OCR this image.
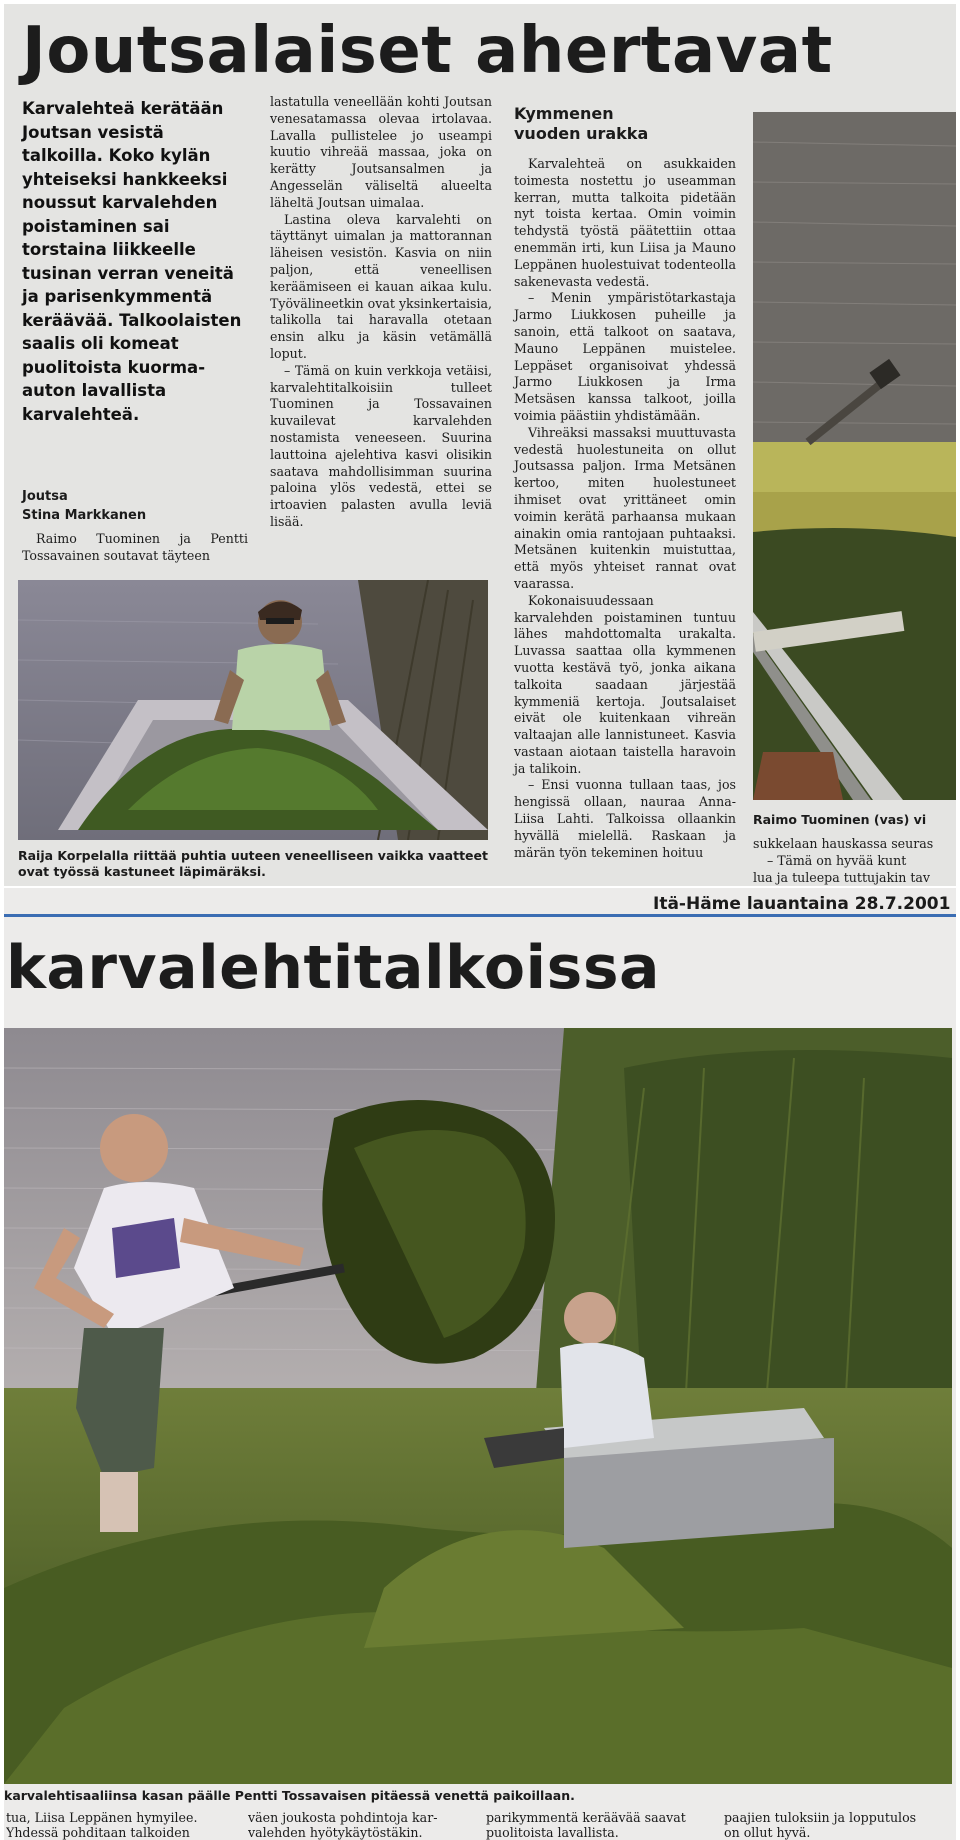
Joutsalaiset ahertavat
Karvalehteä kerätään Joutsan vesistä talkoilla. Koko kylän yhteiseksi hankkeeksi noussut karvalehden poistaminen sai torstaina liikkeelle tusinan verran veneitä ja parisenkymmentä keräävää. Talkoolaisten saalis oli komeat puolitoista kuorma-auton lavallista karvalehteä.
Joutsa
Stina Markkanen

Raimo Tuominen ja Pentti Tossavainen soutavat täyteen

lastatulla veneellään kohti Joutsan venesatamassa olevaa irtolavaa. Lavalla pullistelee jo useampi kuutio vihreää massaa, joka on kerätty Joutsansalmen ja Angesselän väliseltä alueelta läheltä Joutsan uimalaa.

Lastina oleva karvalehti on täyttänyt uimalan ja mattorannan läheisen vesistön. Kasvia on niin paljon, että veneellisen keräämiseen ei kauan aikaa kulu. Työvälineetkin ovat yksinkertaisia, talikolla tai haravalla otetaan ensin alku ja käsin vetämällä loput.

– Tämä on kuin verkkoja vetäisi, karvalehtitalkoisiin tulleet Tuominen ja Tossavainen kuvailevat karvalehden nostamista veneeseen. Suurina lauttoina ajelehtiva kasvi olisikin saatava mahdollisimman suurina paloina ylös vedestä, ettei se irtoavien palasten avulla leviä lisää.

Kymmenen vuoden urakka

Karvalehteä on asukkaiden toimesta nostettu jo useamman kerran, mutta talkoita pidetään nyt toista kertaa. Omin voimin tehdystä työstä päätettiin ottaa enemmän irti, kun Liisa ja Mauno Leppänen huolestuivat todenteolla sakenevasta vedestä.

– Menin ympäristötarkastaja Jarmo Liukkosen puheille ja sanoin, että talkoot on saatava, Mauno Leppänen muistelee. Leppäset organisoivat yhdessä Jarmo Liukkosen ja Irma Metsäsen kanssa talkoot, joilla voimia päästiin yhdistämään.

Vihreäksi massaksi muuttuvasta vedestä huolestuneita on ollut Joutsassa paljon. Irma Metsänen kertoo, miten huolestuneet ihmiset ovat yrittäneet omin voimin kerätä parhaansa mukaan ainakin omia rantojaan puhtaaksi. Metsänen kuitenkin muistuttaa, että myös yhteiset rannat ovat vaarassa.

Kokonaisuudessaan karvalehden poistaminen tuntuu lähes mahdottomalta urakalta. Luvassa saattaa olla kymmenen vuotta kestävä työ, jonka aikana talkoita saadaan järjestää kymmeniä kertoja. Joutsalaiset eivät ole kuitenkaan vihreän valtaajan alle lannistuneet. Kasvia vastaan aiotaan taistella haravoin ja talikoin.

– Ensi vuonna tullaan taas, jos hengissä ollaan, nauraa Anna-Liisa Lahti. Talkoissa ollaankin hyvällä mielellä. Raskaan ja märän työn tekeminen hoituu

Raija Korpelalla riittää puhtia uuteen veneelliseen vaikka vaatteet ovat työssä kastuneet läpimäräksi.
Raimo Tuominen (vas) vi

sukkelaan hauskassa seuras

– Tämä on hyvää kunt

lua ja tuleepa tuttujakin tav

Itä-Häme lauantaina 28.7.2001
karvalehtitalkoissa
karvalehtisaaliinsa kasan päälle Pentti Tossavaisen pitäessä venettä paikoillaan.
tua, Liisa Leppänen hymyilee.
Yhdessä pohditaan talkoiden
väen joukosta pohdintoja kar-
valehden hyötykäytöstäkin.
parikymmentä keräävää saavat
puolitoista lavallista.
paajien tuloksiin ja lopputulos
on ollut hyvä.
